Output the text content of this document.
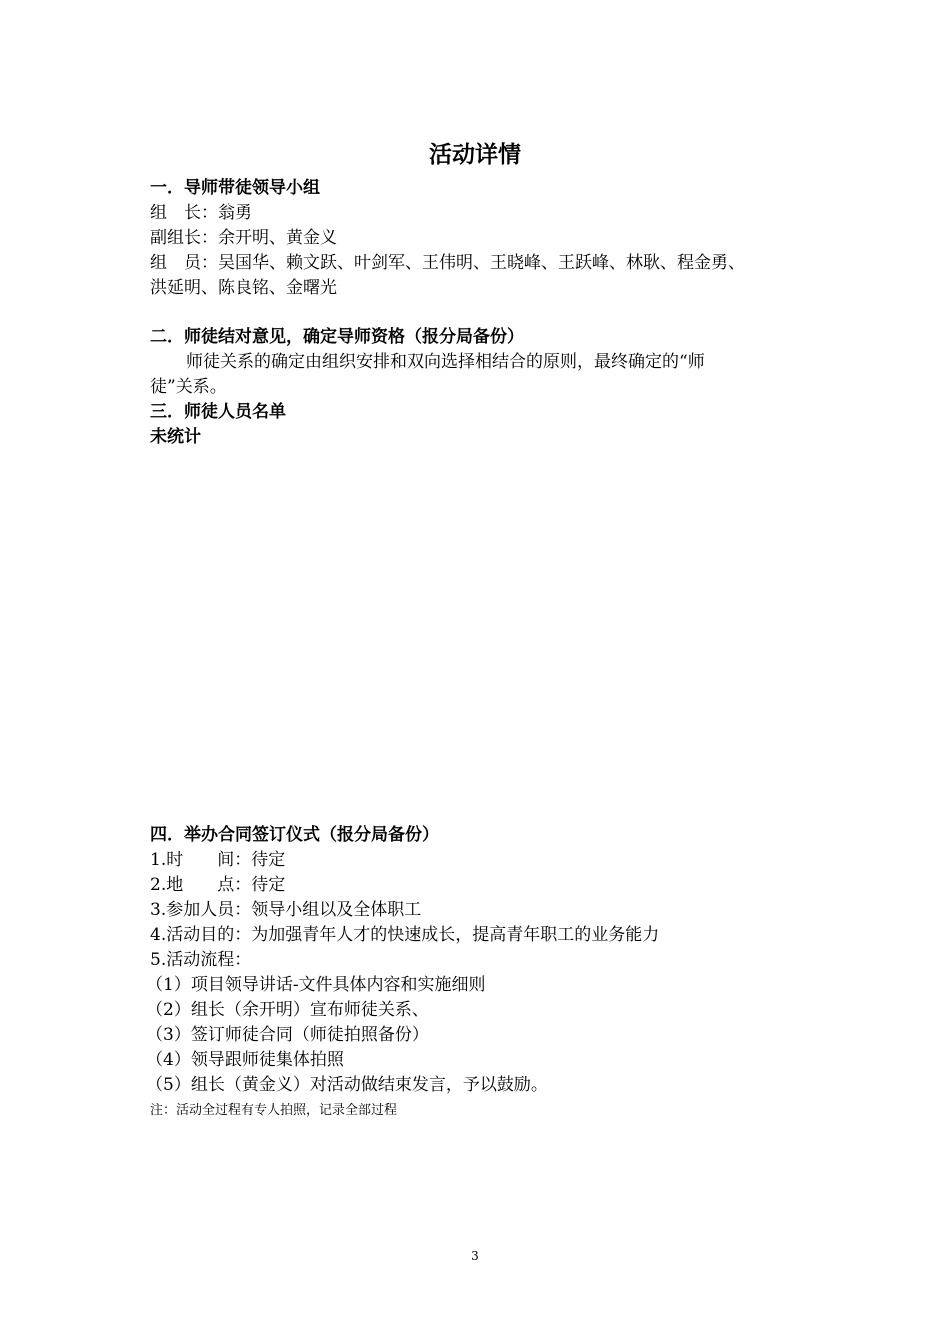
活动详情
一．导师带徒领导小组
组　长：翁勇
副组长：余开明、黄金义
组　员：吴国华、赖文跃、叶剑军、王伟明、王晓峰、王跃峰、林耿、程金勇、
洪延明、陈良铭、金曙光
二．师徒结对意见，确定导师资格（报分局备份）
师徒关系的确定由组织安排和双向选择相结合的原则，最终确定的“师
徒”关系。
三．师徒人员名单
未统计
四．举办合同签订仪式（报分局备份）
1.时　　间：待定
2.地　　点：待定
3.参加人员：领导小组以及全体职工
4.活动目的：为加强青年人才的快速成长，提高青年职工的业务能力
5.活动流程：
（1）项目领导讲话-文件具体内容和实施细则
（2）组长（余开明）宣布师徒关系、
（3）签订师徒合同（师徒拍照备份）
（4）领导跟师徒集体拍照
（5）组长（黄金义）对活动做结束发言，予以鼓励。
注：活动全过程有专人拍照，记录全部过程
3
